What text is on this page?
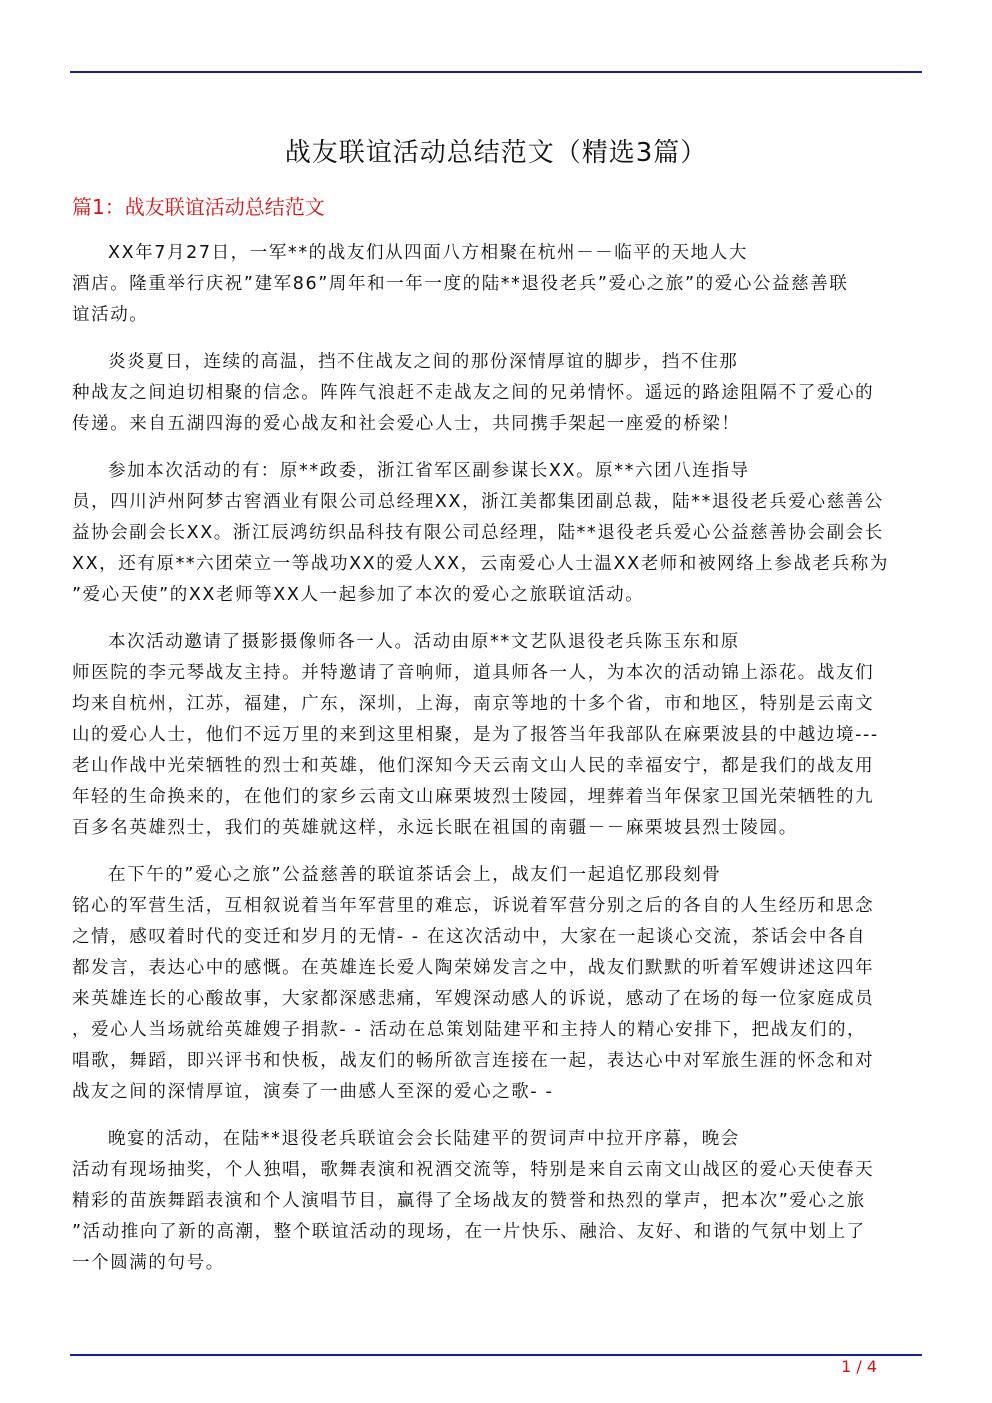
战友联谊活动总结范文（精选3篇）
篇1：战友联谊活动总结范文
XX年7月27日，一军**的战友们从四面八方相聚在杭州－－临平的天地人大
酒店。隆重举行庆祝”建军86”周年和一年一度的陆**退役老兵”爱心之旅”的爱心公益慈善联
谊活动。
炎炎夏日，连续的高温，挡不住战友之间的那份深情厚谊的脚步，挡不住那
种战友之间迫切相聚的信念。阵阵气浪赶不走战友之间的兄弟情怀。遥远的路途阻隔不了爱心的
传递。来自五湖四海的爱心战友和社会爱心人士，共同携手架起一座爱的桥梁！
参加本次活动的有：原**政委，浙江省军区副参谋长XX。原**六团八连指导
员，四川泸州阿梦古窖酒业有限公司总经理XX，浙江美都集团副总裁，陆**退役老兵爱心慈善公
益协会副会长XX。浙江辰鸿纺织品科技有限公司总经理，陆**退役老兵爱心公益慈善协会副会长
XX，还有原**六团荣立一等战功XX的爱人XX，云南爱心人士温XX老师和被网络上参战老兵称为
”爱心天使”的XX老师等XX人一起参加了本次的爱心之旅联谊活动。
本次活动邀请了摄影摄像师各一人。活动由原**文艺队退役老兵陈玉东和原
师医院的李元琴战友主持。并特邀请了音响师，道具师各一人，为本次的活动锦上添花。战友们
均来自杭州，江苏，福建，广东，深圳，上海，南京等地的十多个省，市和地区，特别是云南文
山的爱心人士，他们不远万里的来到这里相聚，是为了报答当年我部队在麻栗波县的中越边境---
老山作战中光荣牺牲的烈士和英雄，他们深知今天云南文山人民的幸福安宁，都是我们的战友用
年轻的生命换来的，在他们的家乡云南文山麻栗坡烈士陵园，埋葬着当年保家卫国光荣牺牲的九
百多名英雄烈士，我们的英雄就这样，永远长眠在祖国的南疆－－麻栗坡县烈士陵园。
在下午的”爱心之旅”公益慈善的联谊茶话会上，战友们一起追忆那段刻骨
铭心的军营生活，互相叙说着当年军营里的难忘，诉说着军营分别之后的各自的人生经历和思念
之情，感叹着时代的变迁和岁月的无情- - 在这次活动中，大家在一起谈心交流，茶话会中各自
都发言，表达心中的感慨。在英雄连长爱人陶荣娣发言之中，战友们默默的听着军嫂讲述这四年
来英雄连长的心酸故事，大家都深感悲痛，军嫂深动感人的诉说，感动了在场的每一位家庭成员
，爱心人当场就给英雄嫂子捐款- - 活动在总策划陆建平和主持人的精心安排下，把战友们的，
唱歌，舞蹈，即兴评书和快板，战友们的畅所欲言连接在一起，表达心中对军旅生涯的怀念和对
战友之间的深情厚谊，演奏了一曲感人至深的爱心之歌- -
晚宴的活动，在陆**退役老兵联谊会会长陆建平的贺词声中拉开序幕，晚会
活动有现场抽奖，个人独唱，歌舞表演和祝酒交流等，特别是来自云南文山战区的爱心天使春天
精彩的苗族舞蹈表演和个人演唱节目，赢得了全场战友的赞誉和热烈的掌声，把本次”爱心之旅
”活动推向了新的高潮，整个联谊活动的现场，在一片快乐、融洽、友好、和谐的气氛中划上了
一个圆满的句号。
1 / 4
